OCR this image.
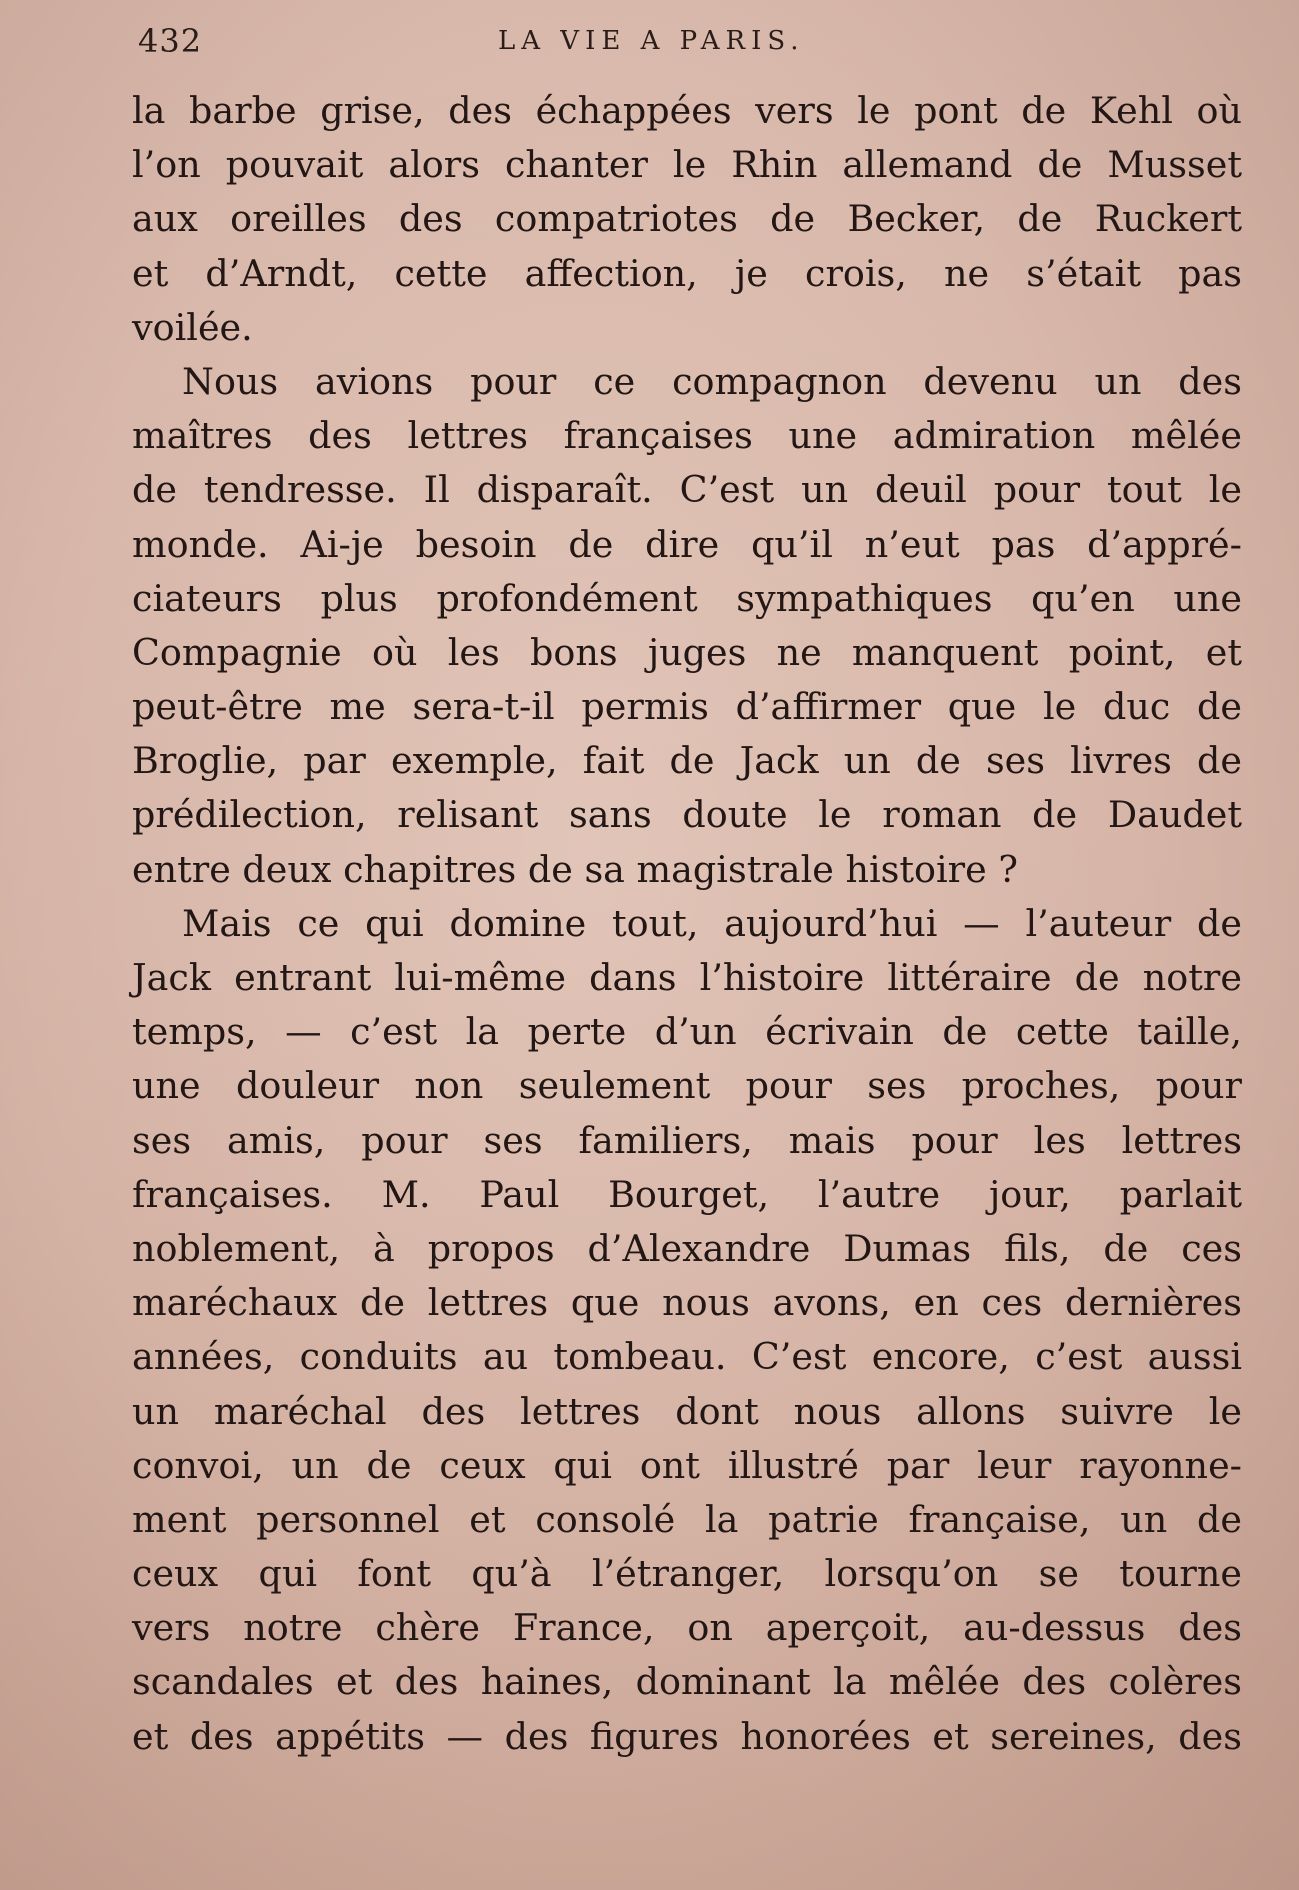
432	LA VIE A PARIS.
la barbe grise, des échappées vers le pont de Kehl où
l’on pouvait alors chanter le Rhin allemand de Musset
aux oreilles des compatriotes de Becker, de Ruckert
et d’Arndt, cette affection, je crois, ne s’était pas
voilée.
Nous avions pour ce compagnon devenu un des
maîtres des lettres françaises une admiration mêlée
de tendresse. Il disparaît. C’est un deuil pour tout le
monde. Ai-je besoin de dire qu’il n’eut pas d’appré-
ciateurs plus profondément sympathiques qu’en une
Compagnie où les bons juges ne manquent point, et
peut-être me sera-t-il permis d’affirmer que le duc de
Broglie, par exemple, fait de Jack un de ses livres de
prédilection, relisant sans doute le roman de Daudet
entre deux chapitres de sa magistrale histoire ?
Mais ce qui domine tout, aujourd’hui — l’auteur de
Jack entrant lui-même dans l’histoire littéraire de notre
temps, — c’est la perte d’un écrivain de cette taille,
une douleur non seulement pour ses proches, pour
ses amis, pour ses familiers, mais pour les lettres
françaises. M. Paul Bourget, l’autre jour, parlait
noblement, à propos d’Alexandre Dumas fils, de ces
maréchaux de lettres que nous avons, en ces dernières
années, conduits au tombeau. C’est encore, c’est aussi
un maréchal des lettres dont nous allons suivre le
convoi, un de ceux qui ont illustré par leur rayonne-
ment personnel et consolé la patrie française, un de
ceux qui font qu’à l’étranger, lorsqu’on se tourne
vers notre chère France, on aperçoit, au-dessus des
scandales et des haines, dominant la mêlée des colères
et des appétits — des figures honorées et sereines, des
